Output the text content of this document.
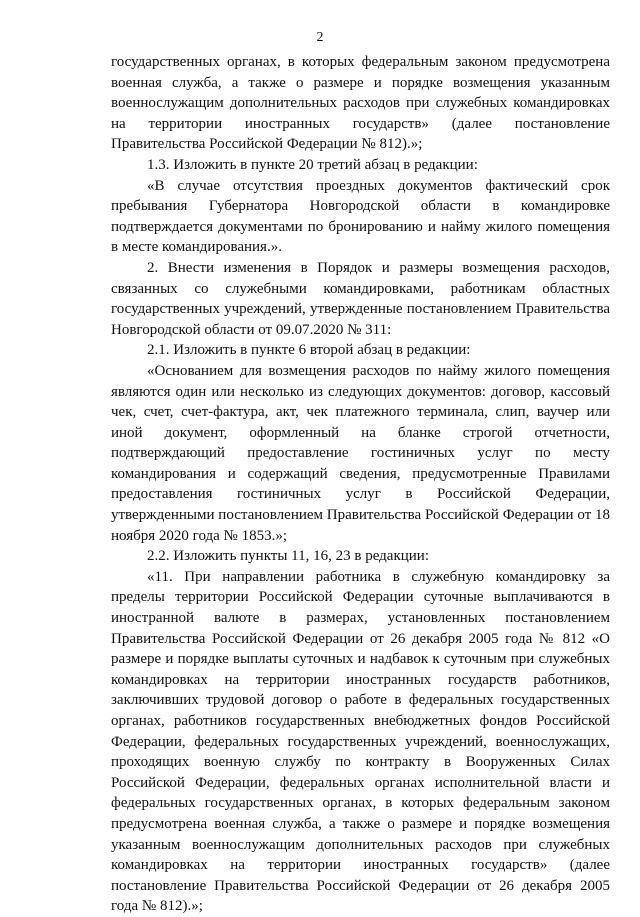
2

государственных органах, в которых федеральным законом предусмотрена военная служба, а также о размере и порядке возмещения указанным военнослужащим дополнительных расходов при служебных командировках на территории иностранных государств» (далее постановление Правительства Российской Федерации № 812).»;

1.3. Изложить в пункте 20 третий абзац в редакции:

«В случае отсутствия проездных документов фактический срок пребывания Губернатора Новгородской области в командировке подтверждается документами по бронированию и найму жилого помещения в месте командирования.».

2. Внести изменения в Порядок и размеры возмещения расходов, связанных со служебными командировками, работникам областных государственных учреждений, утвержденные постановлением Правительства Новгородской области от 09.07.2020 № 311:

2.1. Изложить в пункте 6 второй абзац в редакции:

«Основанием для возмещения расходов по найму жилого помещения являются один или несколько из следующих документов: договор, кассовый чек, счет, счет-фактура, акт, чек платежного терминала, слип, ваучер или иной документ, оформленный на бланке строгой отчетности, подтверждающий предоставление гостиничных услуг по месту командирования и содержащий сведения, предусмотренные Правилами предоставления гостиничных услуг в Российской Федерации, утвержденными постановлением Правительства Российской Федерации от 18 ноября 2020 года № 1853.»;

2.2. Изложить пункты 11, 16, 23 в редакции:

«11. При направлении работника в служебную командировку за пределы территории Российской Федерации суточные выплачиваются в иностранной валюте в размерах, установленных постановлением Правительства Российской Федерации от 26 декабря 2005 года № 812 «О размере и порядке выплаты суточных и надбавок к суточным при служебных командировках на территории иностранных государств работников, заключивших трудовой договор о работе в федеральных государственных органах, работников государственных внебюджетных фондов Российской Федерации, федеральных государственных учреждений, военнослужащих, проходящих военную службу по контракту в Вооруженных Силах Российской Федерации, федеральных органах исполнительной власти и федеральных государственных органах, в которых федеральным законом предусмотрена военная служба, а также о размере и порядке возмещения указанным военнослужащим дополнительных расходов при служебных командировках на территории иностранных государств» (далее постановление Правительства Российской Федерации от 26 декабря 2005 года № 812).»;
